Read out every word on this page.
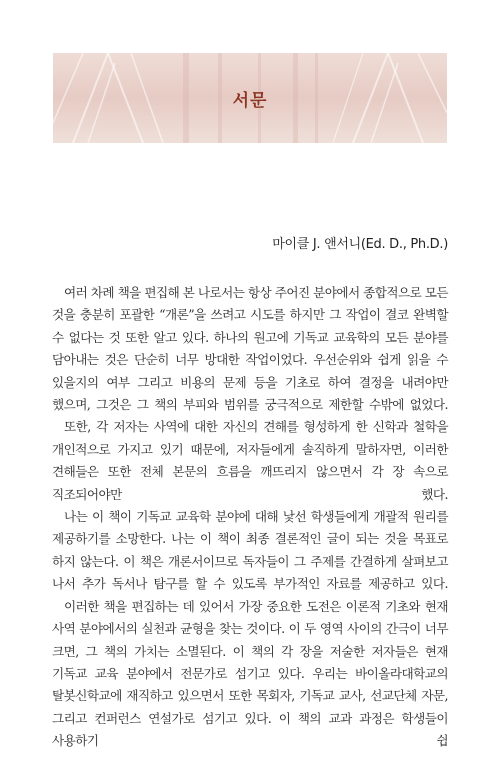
서문
마이클 J. 앤서니(Ed. D., Ph.D.)

여러 차례 책을 편집해 본 나로서는 항상 주어진 분야에서 종합적으로 모든 것을 충분히 포괄한 “개론”을 쓰려고 시도를 하지만 그 작업이 결코 완벽할 수 없다는 것 또한 알고 있다. 하나의 원고에 기독교 교육학의 모든 분야를 담아내는 것은 단순히 너무 방대한 작업이었다. 우선순위와 쉽게 읽을 수 있을지의 여부 그리고 비용의 문제 등을 기초로 하여 결정을 내려야만 했으며, 그것은 그 책의 부피와 범위를 궁극적으로 제한할 수밖에 없었다.

또한, 각 저자는 사역에 대한 자신의 견해를 형성하게 한 신학과 철학을 개인적으로 가지고 있기 때문에, 저자들에게 솔직하게 말하자면, 이러한 견해들은 또한 전체 본문의 흐름을 깨뜨리지 않으면서 각 장 속으로 직조되어야만 했다.

나는 이 책이 기독교 교육학 분야에 대해 낯선 학생들에게 개괄적 원리를 제공하기를 소망한다. 나는 이 책이 최종 결론적인 글이 되는 것을 목표로 하지 않는다. 이 책은 개론서이므로 독자들이 그 주제를 간결하게 살펴보고 나서 추가 독서나 탐구를 할 수 있도록 부가적인 자료를 제공하고 있다.

이러한 책을 편집하는 데 있어서 가장 중요한 도전은 이론적 기초와 현재 사역 분야에서의 실천과 균형을 찾는 것이다. 이 두 영역 사이의 간극이 너무 크면, 그 책의 가치는 소멸된다. 이 책의 각 장을 저술한 저자들은 현재 기독교 교육 분야에서 전문가로 섬기고 있다. 우리는 바이올라대학교의 탈봇신학교에 재직하고 있으면서 또한 목회자, 기독교 교사, 선교단체 자문, 그리고 컨퍼런스 연설가로 섬기고 있다. 이 책의 교과 과정은 학생들이 사용하기 쉽
